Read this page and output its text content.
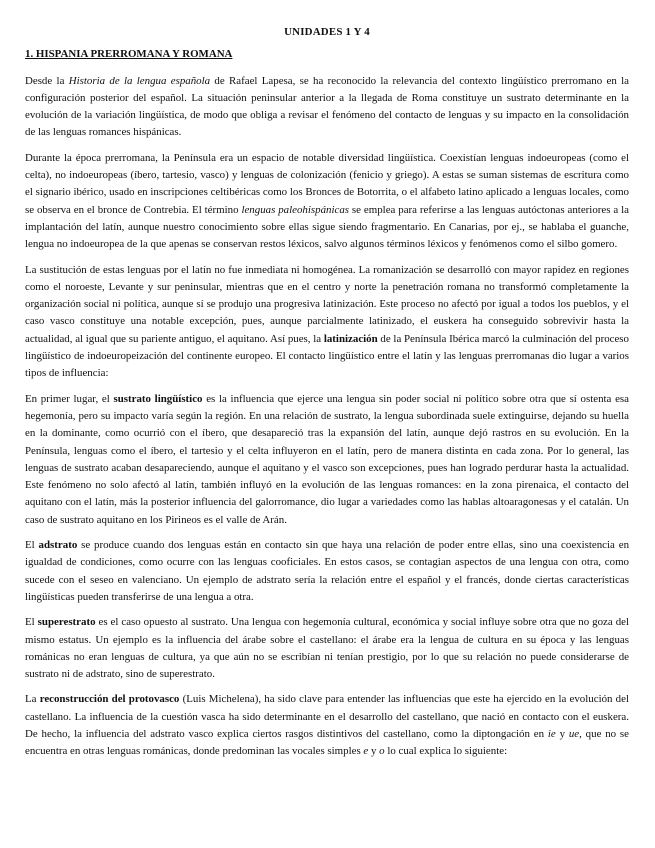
UNIDADES 1 Y 4
1. HISPANIA PRERROMANA Y ROMANA

Desde la Historia de la lengua española de Rafael Lapesa, se ha reconocido la relevancia del contexto lingüístico prerromano en la configuración posterior del español. La situación peninsular anterior a la llegada de Roma constituye un sustrato determinante en la evolución de la variación lingüística, de modo que obliga a revisar el fenómeno del contacto de lenguas y su impacto en la consolidación de las lenguas romances hispánicas.

Durante la época prerromana, la Península era un espacio de notable diversidad lingüística. Coexistían lenguas indoeuropeas (como el celta), no indoeuropeas (íbero, tartesio, vasco) y lenguas de colonización (fenicio y griego). A estas se suman sistemas de escritura como el signario ibérico, usado en inscripciones celtibéricas como los Bronces de Botorrita, o el alfabeto latino aplicado a lenguas locales, como se observa en el bronce de Contrebia. El término lenguas paleohispánicas se emplea para referirse a las lenguas autóctonas anteriores a la implantación del latín, aunque nuestro conocimiento sobre ellas sigue siendo fragmentario. En Canarias, por ej., se hablaba el guanche, lengua no indoeuropea de la que apenas se conservan restos léxicos, salvo algunos términos léxicos y fenómenos como el silbo gomero.

La sustitución de estas lenguas por el latín no fue inmediata ni homogénea. La romanización se desarrolló con mayor rapidez en regiones como el noroeste, Levante y sur peninsular, mientras que en el centro y norte la penetración romana no transformó completamente la organización social ni política, aunque sí se produjo una progresiva latinización. Este proceso no afectó por igual a todos los pueblos, y el caso vasco constituye una notable excepción, pues, aunque parcialmente latinizado, el euskera ha conseguido sobrevivir hasta la actualidad, al igual que su pariente antiguo, el aquitano. Así pues, la latinización de la Península Ibérica marcó la culminación del proceso lingüístico de indoeuropeización del continente europeo. El contacto lingüístico entre el latín y las lenguas prerromanas dio lugar a varios tipos de influencia:

En primer lugar, el sustrato lingüístico es la influencia que ejerce una lengua sin poder social ni político sobre otra que sí ostenta esa hegemonía, pero su impacto varía según la región. En una relación de sustrato, la lengua subordinada suele extinguirse, dejando su huella en la dominante, como ocurrió con el íbero, que desapareció tras la expansión del latín, aunque dejó rastros en su evolución. En la Península, lenguas como el íbero, el tartesio y el celta influyeron en el latín, pero de manera distinta en cada zona. Por lo general, las lenguas de sustrato acaban desapareciendo, aunque el aquitano y el vasco son excepciones, pues han logrado perdurar hasta la actualidad. Este fenómeno no solo afectó al latín, también influyó en la evolución de las lenguas romances: en la zona pirenaica, el contacto del aquitano con el latín, más la posterior influencia del galorromance, dio lugar a variedades como las hablas altoaragonesas y el catalán. Un caso de sustrato aquitano en los Pirineos es el valle de Arán.

El adstrato se produce cuando dos lenguas están en contacto sin que haya una relación de poder entre ellas, sino una coexistencia en igualdad de condiciones, como ocurre con las lenguas cooficiales. En estos casos, se contagian aspectos de una lengua con otra, como sucede con el seseo en valenciano. Un ejemplo de adstrato sería la relación entre el español y el francés, donde ciertas características lingüísticas pueden transferirse de una lengua a otra.

El superestrato es el caso opuesto al sustrato. Una lengua con hegemonía cultural, económica y social influye sobre otra que no goza del mismo estatus. Un ejemplo es la influencia del árabe sobre el castellano: el árabe era la lengua de cultura en su época y las lenguas románicas no eran lenguas de cultura, ya que aún no se escribían ni tenían prestigio, por lo que su relación no puede considerarse de sustrato ni de adstrato, sino de superestrato.

La reconstrucción del protovasco (Luis Michelena), ha sido clave para entender las influencias que este ha ejercido en la evolución del castellano. La influencia de la cuestión vasca ha sido determinante en el desarrollo del castellano, que nació en contacto con el euskera. De hecho, la influencia del adstrato vasco explica ciertos rasgos distintivos del castellano, como la diptongación en ie y ue, que no se encuentra en otras lenguas románicas, donde predominan las vocales simples e y o lo cual explica lo siguiente:
